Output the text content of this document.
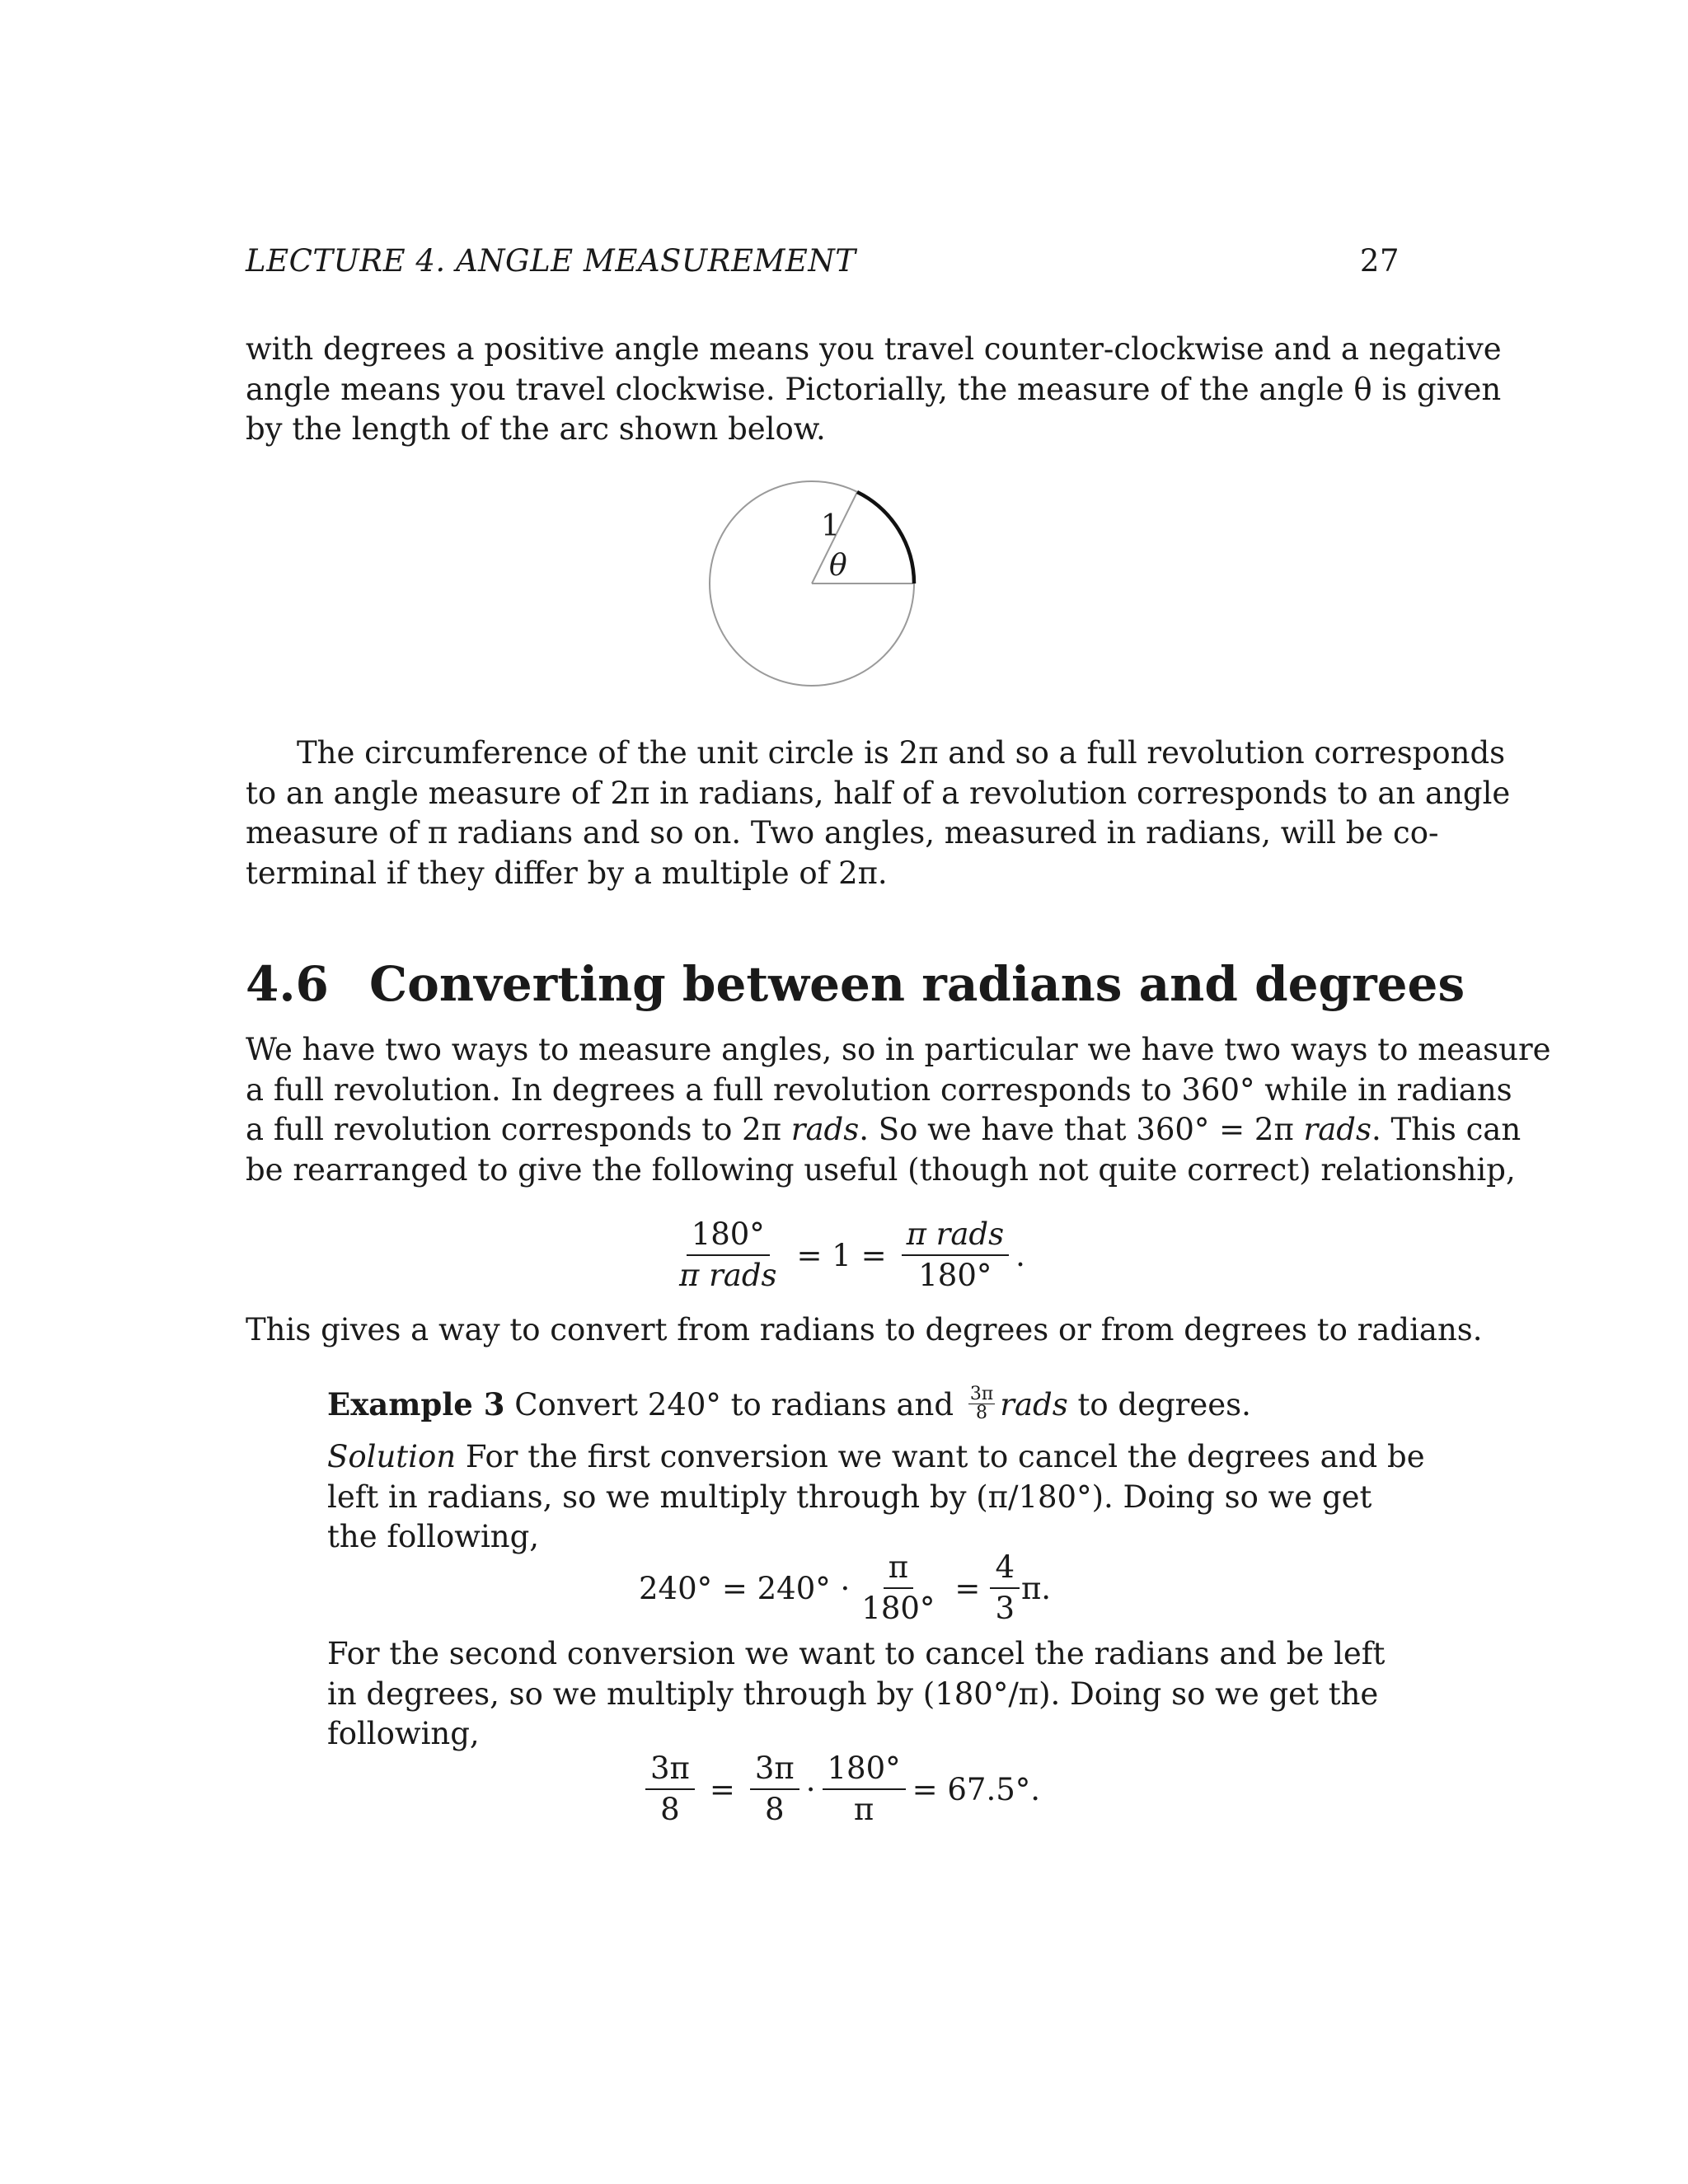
LECTURE 4. ANGLE MEASUREMENT	27
with degrees a positive angle means you travel counter-clockwise and a negative
angle means you travel clockwise. Pictorially, the measure of the angle θ is given
by the length of the arc shown below.
1
θ
The circumference of the unit circle is 2π and so a full revolution corresponds
to an angle measure of 2π in radians, half of a revolution corresponds to an angle
measure of π radians and so on. Two angles, measured in radians, will be co-
terminal if they differ by a multiple of 2π.
4.6 Converting between radians and degrees
We have two ways to measure angles, so in particular we have two ways to measure
a full revolution. In degrees a full revolution corresponds to 360° while in radians
a full revolution corresponds to 2π rads. So we have that 360° = 2π rads. This can
be rearranged to give the following useful (though not quite correct) relationship,
$\frac{180^\circ}{\text{π rads}} = 1 = \frac{\text{π rads}}{180^\circ}$ .
This gives a way to convert from radians to degrees or from degrees to radians.
Example 3 Convert 240° to radians and $\frac{3\pi}{8}$ rads to degrees.
Solution For the first conversion we want to cancel the degrees and be
left in radians, so we multiply through by (π/180°). Doing so we get
the following,
$240^\circ = 240^\circ \cdot \frac{\pi}{180^\circ} = \frac{4}{3} \pi$.
For the second conversion we want to cancel the radians and be left
in degrees, so we multiply through by (180°/π). Doing so we get the
following,
$\frac{3\pi}{8} = \frac{3\pi}{8} \cdot \frac{180^\circ}{\pi} = 67.5^\circ$.
